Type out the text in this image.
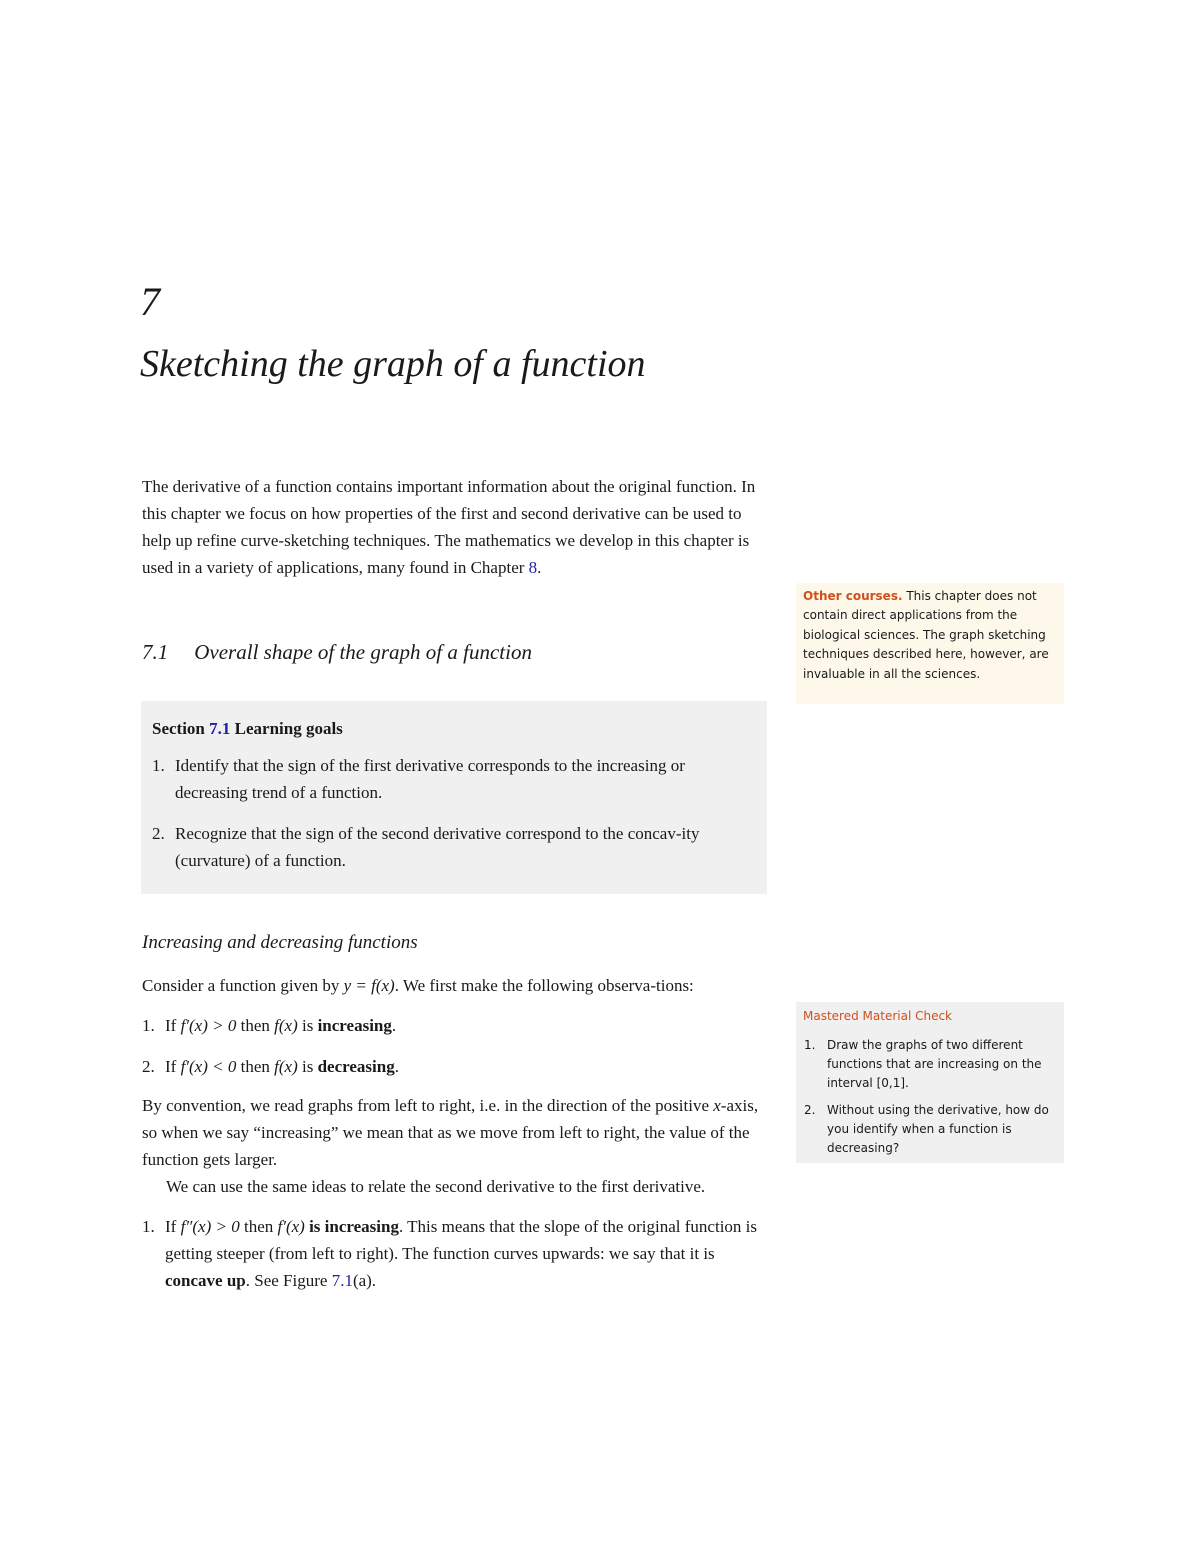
7
Sketching the graph of a function

The derivative of a function contains important information about the original function. In this chapter we focus on how properties of the first and second derivative can be used to help up refine curve-sketching techniques. The mathematics we develop in this chapter is used in a variety of applications, many found in Chapter 8.

7.1 Overall shape of the graph of a function
Section 7.1 Learning goals
1. Identify that the sign of the first derivative corresponds to the increasing or decreasing trend of a function.
2. Recognize that the sign of the second derivative correspond to the concav-ity (curvature) of a function.
Increasing and decreasing functions

Consider a function given by y = f(x). We first make the following observa-tions:

1. If f′(x) > 0 then f(x) is increasing.
2. If f′(x) < 0 then f(x) is decreasing.

By convention, we read graphs from left to right, i.e. in the direction of the positive x-axis, so when we say “increasing” we mean that as we move from left to right, the value of the function gets larger.

We can use the same ideas to relate the second derivative to the first derivative.

1. If f″(x) > 0 then f′(x) is increasing. This means that the slope of the original function is getting steeper (from left to right). The function curves upwards: we say that it is concave up. See Figure 7.1(a).
Other courses. This chapter does not contain direct applications from the biological sciences. The graph sketching techniques described here, however, are invaluable in all the sciences.
Mastered Material Check
1. Draw the graphs of two different functions that are increasing on the interval [0,1].
2. Without using the derivative, how do you identify when a function is decreasing?
